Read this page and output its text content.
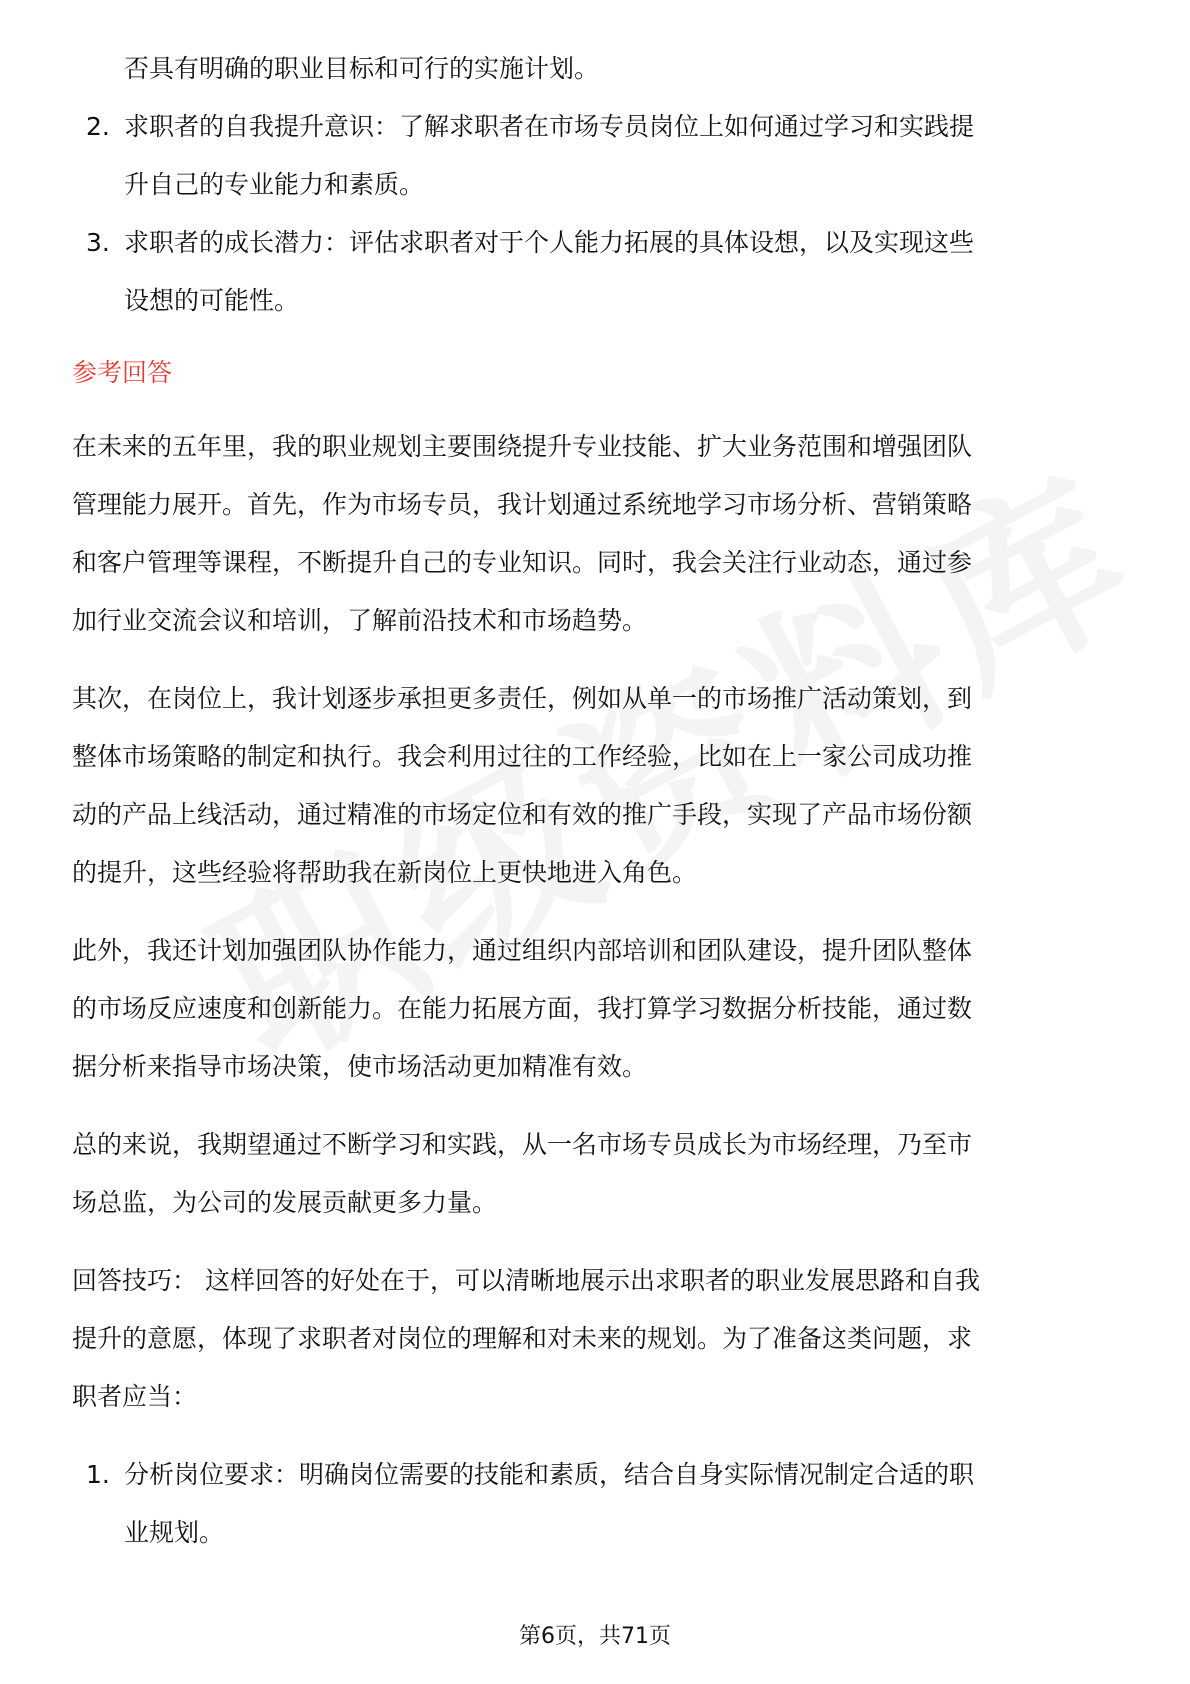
否具有明确的职业目标和可行的实施计划。
2. 求职者的自我提升意识：了解求职者在市场专员岗位上如何通过学习和实践提
升自己的专业能力和素质。
3. 求职者的成长潜力：评估求职者对于个人能力拓展的具体设想，以及实现这些
设想的可能性。
参考回答
在未来的五年里，我的职业规划主要围绕提升专业技能、扩大业务范围和增强团队
管理能力展开。首先，作为市场专员，我计划通过系统地学习市场分析、营销策略
和客户管理等课程，不断提升自己的专业知识。同时，我会关注行业动态，通过参
加行业交流会议和培训，了解前沿技术和市场趋势。
其次，在岗位上，我计划逐步承担更多责任，例如从单一的市场推广活动策划，到
整体市场策略的制定和执行。我会利用过往的工作经验，比如在上一家公司成功推
动的产品上线活动，通过精准的市场定位和有效的推广手段，实现了产品市场份额
的提升，这些经验将帮助我在新岗位上更快地进入角色。
此外，我还计划加强团队协作能力，通过组织内部培训和团队建设，提升团队整体
的市场反应速度和创新能力。在能力拓展方面，我打算学习数据分析技能，通过数
据分析来指导市场决策，使市场活动更加精准有效。
总的来说，我期望通过不断学习和实践，从一名市场专员成长为市场经理，乃至市
场总监，为公司的发展贡献更多力量。
回答技巧： 这样回答的好处在于，可以清晰地展示出求职者的职业发展思路和自我
提升的意愿，体现了求职者对岗位的理解和对未来的规划。为了准备这类问题，求
职者应当：
1. 分析岗位要求：明确岗位需要的技能和素质，结合自身实际情况制定合适的职
业规划。
第6页，共71页
